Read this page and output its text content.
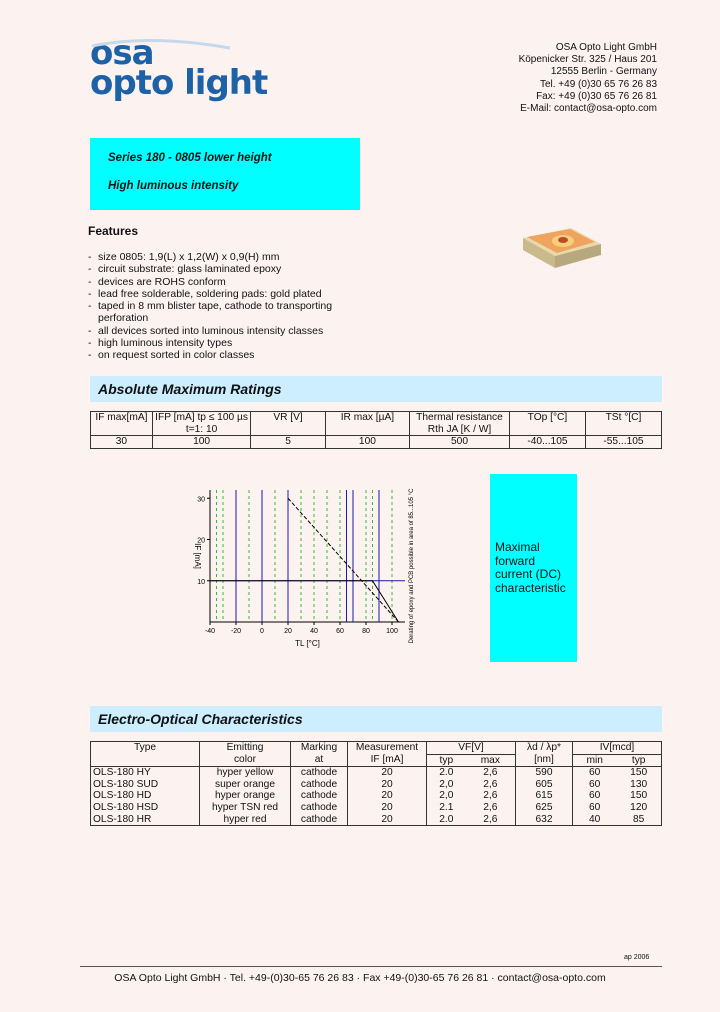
osa
opto light
OSA Opto Light GmbH
Köpenicker Str. 325 / Haus 201
12555 Berlin - Germany
Tel. +49 (0)30 65 76 26 83
Fax: +49 (0)30 65 76 26 81
E-Mail: contact@osa-opto.com
Series 180 - 0805 lower height
High luminous intensity
Features
- size 0805: 1,9(L) x 1,2(W) x 0,9(H) mm
- circuit substrate: glass laminated epoxy
- devices are ROHS conform
- lead free solderable, soldering pads: gold plated
- taped in 8 mm blister tape, cathode to transporting
perforation
- all devices sorted into luminous intensity classes
- high luminous intensity types
- on request sorted in color classes
Absolute Maximum Ratings
IF max[mA]	IFP [mA] tp ≤ 100 µs t=1: 10	VR [V]	IR max [µA]	Thermal resistance Rth JA [K / W]	TOp [°C]	TSt °[C]
30	100	5	100	500	-40...105	-55...105
30
20
10
-40 -20	0	20	40	60	80 100
TL [°C]
IF [mA]	Derating of epoxy and PCB possible in area of 85...105 °C	Maximal forward current (DC) characteristic
Electro-Optical Characteristics
Type	Emitting	Marking	Measurement	VF[V]		λd / λp*	IV[mcd]	
	color	at	IF [mA]	typ	max	[nm]	min	typ
OLS-180 HY	hyper yellow	cathode	20	2.0	2,6	590	60	150
OLS-180 SUD	super orange	cathode	20	2,0	2,6	605	60	130
OLS-180 HD	hyper orange	cathode	20	2,0	2,6	615	60	150
OLS-180 HSD	hyper TSN red	cathode	20	2.1	2,6	625	60	120
OLS-180 HR	hyper red	cathode	20	2.0	2,6	632	40	85
ap 2006
OSA Opto Light GmbH · Tel. +49-(0)30-65 76 26 83 · Fax +49-(0)30-65 76 26 81 · contact@osa-opto.com
